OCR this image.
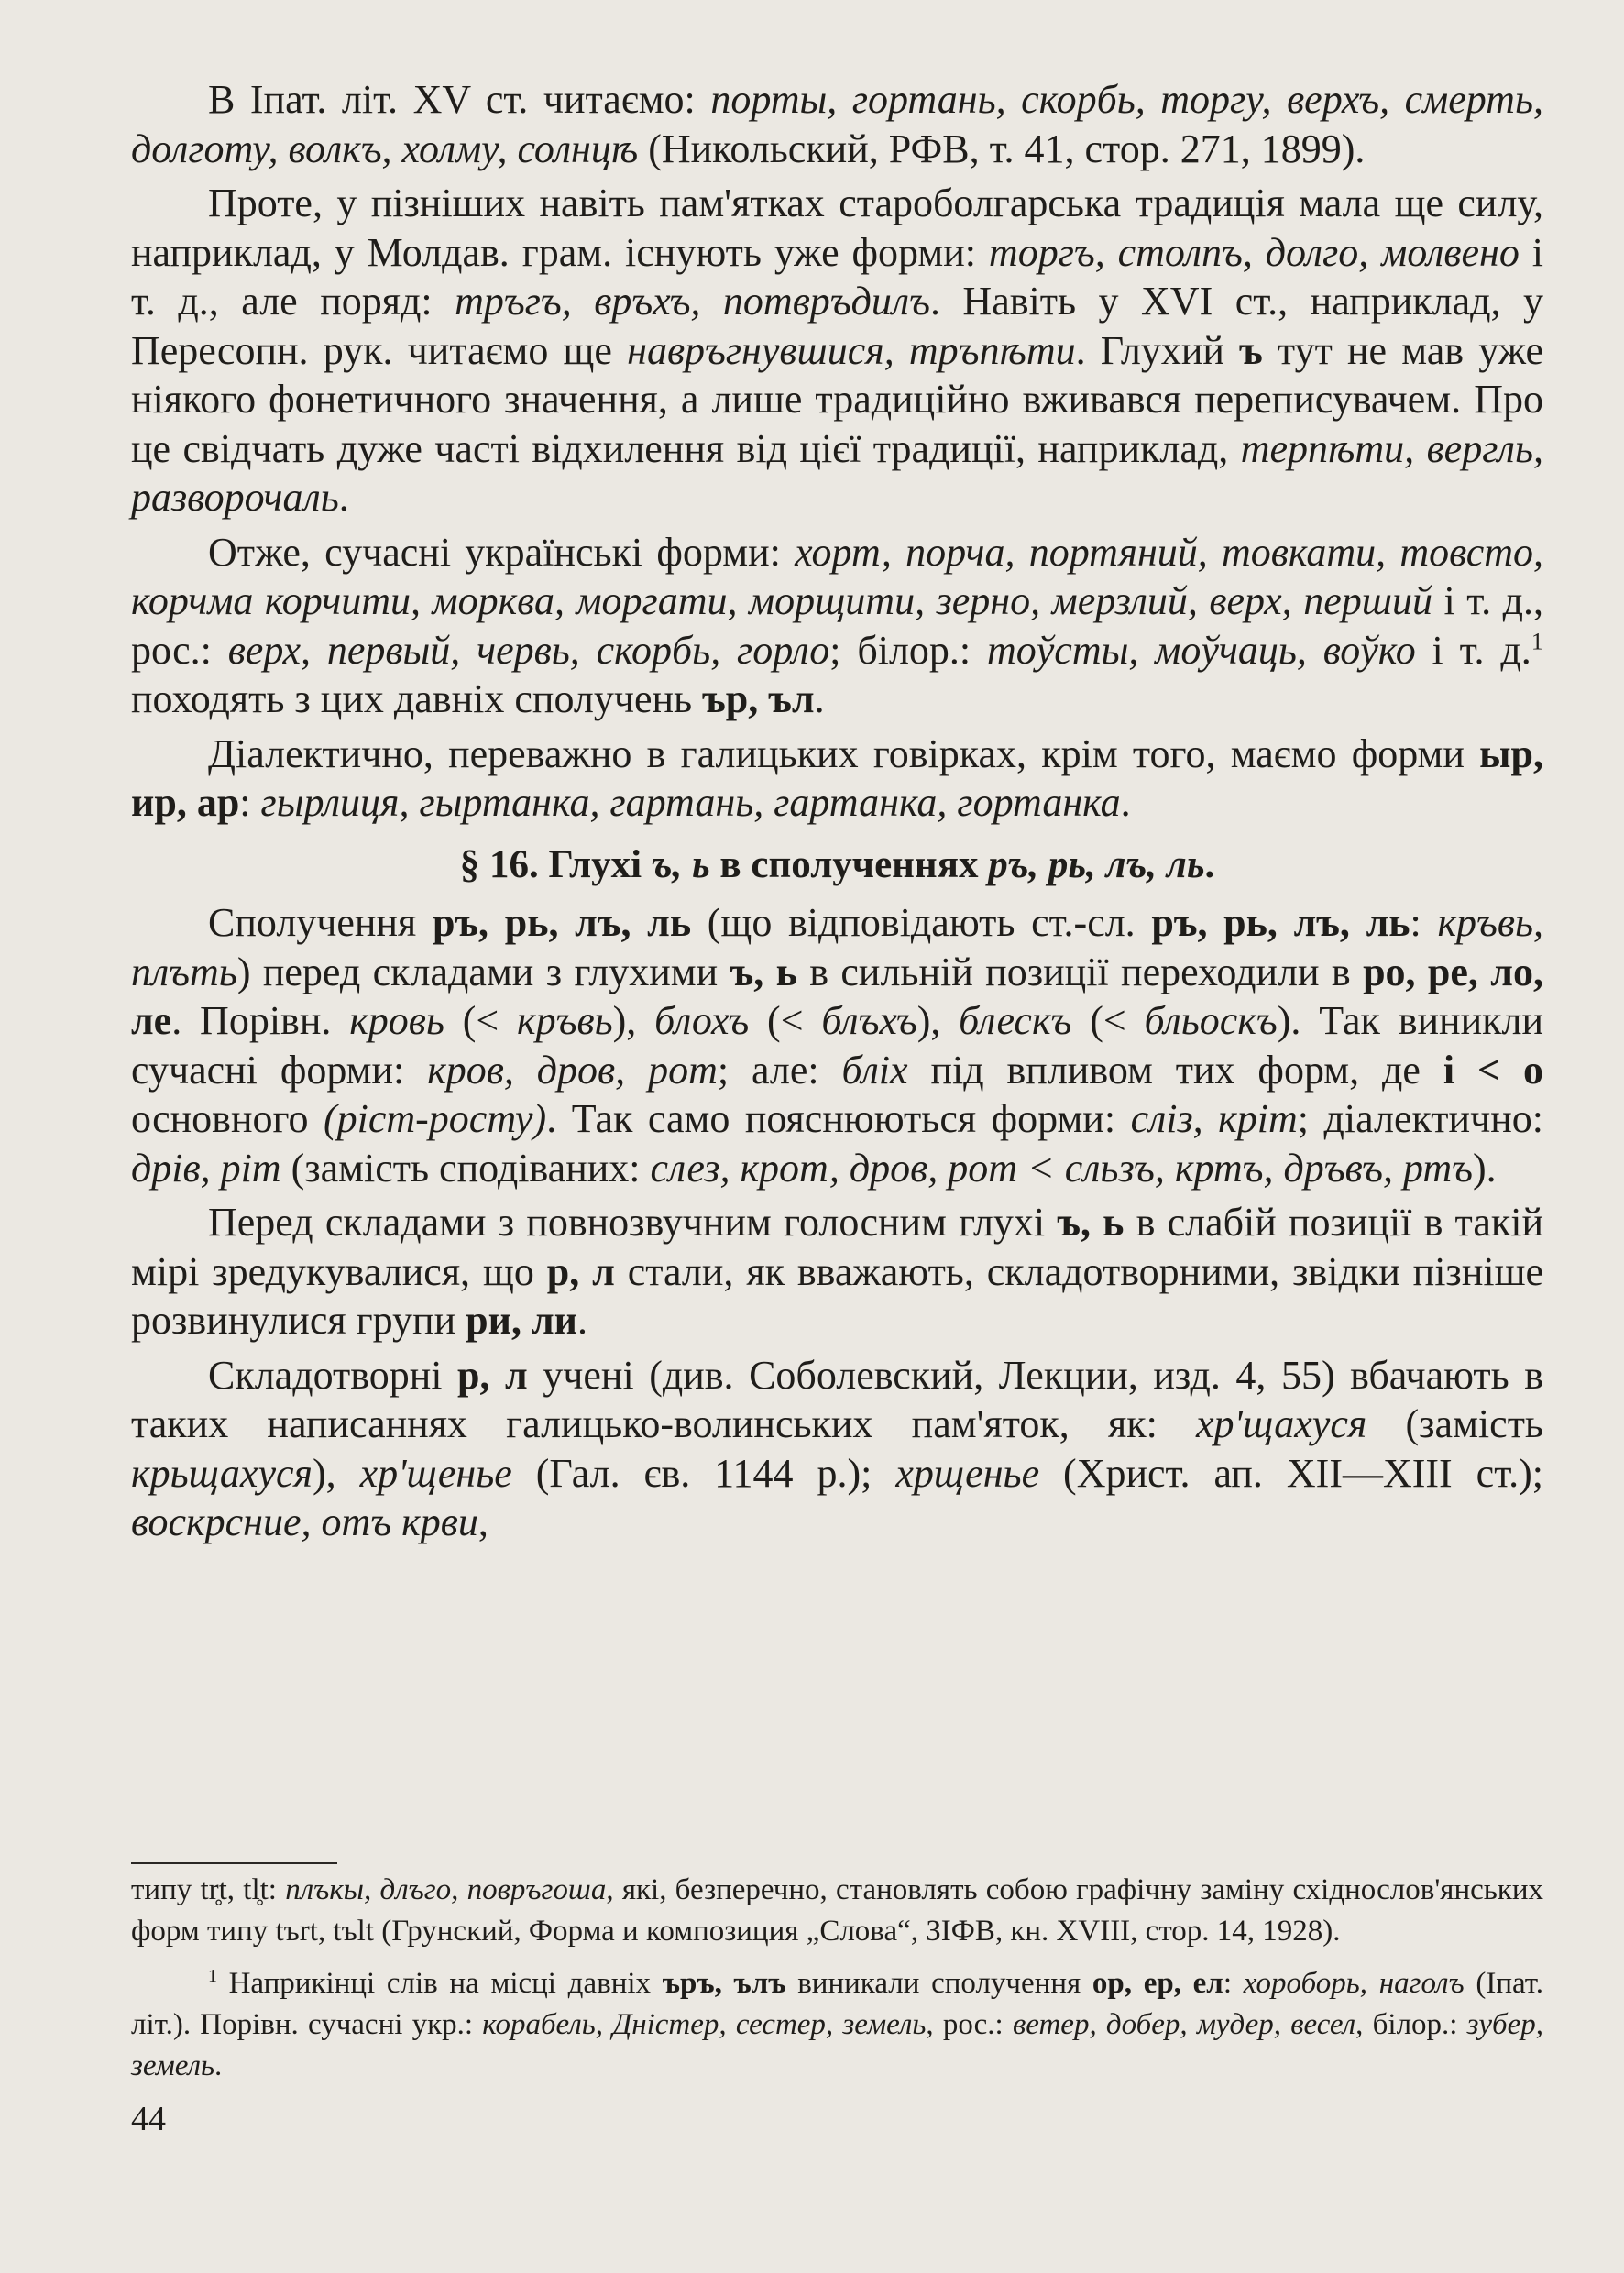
В Іпат. літ. XV ст. читаємо: порты, гортань, скорбь, торгу, верхъ, смерть, долготу, волкъ, холму, солнцѣ (Никольский, РФВ, т. 41, стор. 271, 1899).

Проте, у пізніших навіть пам'ятках староболгарська традиція мала ще силу, наприклад, у Молдав. грам. існують уже форми: торгъ, столпъ, долго, молвено і т. д., але поряд: тръгъ, връхъ, потвръдилъ. Навіть у XVI ст., наприклад, у Пересопн. рук. читаємо ще навръгнувшися, тръпѣти. Глухий ъ тут не мав уже ніякого фонетичного значення, а лише традиційно вживався переписувачем. Про це свідчать дуже часті відхилення від цієї традиції, наприклад, терпѣти, вергль, разворочаль.

Отже, сучасні українські форми: хорт, порча, портяний, товкати, товсто, корчма корчити, морква, моргати, морщити, зерно, мерзлий, верх, перший і т. д., рос.: верх, первый, червь, скорбь, горло; білор.: тоўсты, моўчаць, воўко і т. д.$^1$ походять з цих давніх сполучень ър, ъл.

Діалектично, переважно в галицьких говірках, крім того, маємо форми ыр, ир, ар: гырлиця, гыртанка, гартань, гартанка, гортанка.

§ 16. Глухі ъ, ь в сполученнях ръ, рь, лъ, ль.

Сполучення ръ, рь, лъ, ль (що відповідають ст.-сл. ръ, рь, лъ, ль: кръвь, плъть) перед складами з глухими ъ, ь в сильній позиції переходили в ро, ре, ло, ле. Порівн. кровь (< кръвь), блохъ (< блъхъ), блескъ (< бльоскъ). Так виникли сучасні форми: кров, дров, рот; але: бліх під впливом тих форм, де і < о основного (ріст-росту). Так само пояснюються форми: сліз, кріт; діалектично: дрів, ріт (замість сподіваних: слез, крот, дров, рот < сльзъ, кртъ, дръвъ, ртъ).

Перед складами з повнозвучним голосним глухі ъ, ь в слабій позиції в такій мірі зредукувалися, що р, л стали, як вважають, складотворними, звідки пізніше розвинулися групи ри, ли.

Складотворні р, л учені (див. Соболевский, Лекции, изд. 4, 55) вбачають в таких написаннях галицько-волинських пам'яток, як: хр'щахуся (замість крьщахуся), хр'щенье (Гал. єв. 1144 р.); хрщенье (Христ. ап. XII—XIII ст.); воскрсние, отъ крви,

типу tr̥t, tl̥t: плъкы, длъго, повръгоша, які, безперечно, становлять собою графічну заміну східнослов'янських форм типу tъrt, tъlt (Грунский, Форма и композиция „Слова“, ЗІФВ, кн. XVIII, стор. 14, 1928).

$^1$ Наприкінці слів на місці давніх ъръ, ълъ виникали сполучення ор, ер, ел: хороборь, наголъ (Іпат. літ.). Порівн. сучасні укр.: корабель, Дністер, сестер, земель, рос.: ветер, добер, мудер, весел, білор.: зубер, земель.

44
